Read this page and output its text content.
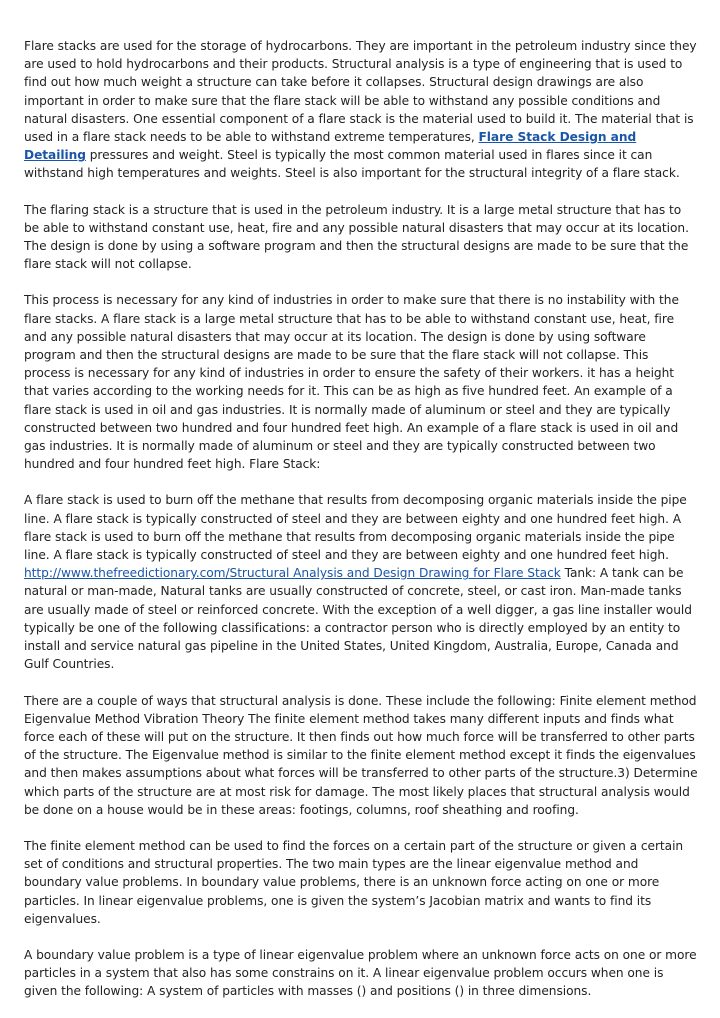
Flare stacks are used for the storage of hydrocarbons. They are important in the petroleum industry since they are used to hold hydrocarbons and their products. Structural analysis is a type of engineering that is used to find out how much weight a structure can take before it collapses. Structural design drawings are also important in order to make sure that the flare stack will be able to withstand any possible conditions and natural disasters. One essential component of a flare stack is the material used to build it. The material that is used in a flare stack needs to be able to withstand extreme temperatures, Flare Stack Design and Detailing pressures and weight. Steel is typically the most common material used in flares since it can withstand high temperatures and weights. Steel is also important for the structural integrity of a flare stack.

The flaring stack is a structure that is used in the petroleum industry. It is a large metal structure that has to be able to withstand constant use, heat, fire and any possible natural disasters that may occur at its location. The design is done by using a software program and then the structural designs are made to be sure that the flare stack will not collapse.

This process is necessary for any kind of industries in order to make sure that there is no instability with the flare stacks. A flare stack is a large metal structure that has to be able to withstand constant use, heat, fire and any possible natural disasters that may occur at its location. The design is done by using software program and then the structural designs are made to be sure that the flare stack will not collapse. This process is necessary for any kind of industries in order to ensure the safety of their workers. it has a height that varies according to the working needs for it. This can be as high as five hundred feet. An example of a flare stack is used in oil and gas industries. It is normally made of aluminum or steel and they are typically constructed between two hundred and four hundred feet high. An example of a flare stack is used in oil and gas industries. It is normally made of aluminum or steel and they are typically constructed between two hundred and four hundred feet high. Flare Stack:

A flare stack is used to burn off the methane that results from decomposing organic materials inside the pipe line. A flare stack is typically constructed of steel and they are between eighty and one hundred feet high. A flare stack is used to burn off the methane that results from decomposing organic materials inside the pipe line. A flare stack is typically constructed of steel and they are between eighty and one hundred feet high. http://www.thefreedictionary.com/Structural Analysis and Design Drawing for Flare Stack Tank: A tank can be natural or man-made, Natural tanks are usually constructed of concrete, steel, or cast iron. Man-made tanks are usually made of steel or reinforced concrete. With the exception of a well digger, a gas line installer would typically be one of the following classifications: a contractor person who is directly employed by an entity to install and service natural gas pipeline in the United States, United Kingdom, Australia, Europe, Canada and Gulf Countries.

There are a couple of ways that structural analysis is done. These include the following: Finite element method Eigenvalue Method Vibration Theory The finite element method takes many different inputs and finds what force each of these will put on the structure. It then finds out how much force will be transferred to other parts of the structure. The Eigenvalue method is similar to the finite element method except it finds the eigenvalues and then makes assumptions about what forces will be transferred to other parts of the structure.3) Determine which parts of the structure are at most risk for damage. The most likely places that structural analysis would be done on a house would be in these areas: footings, columns, roof sheathing and roofing.

The finite element method can be used to find the forces on a certain part of the structure or given a certain set of conditions and structural properties. The two main types are the linear eigenvalue method and boundary value problems. In boundary value problems, there is an unknown force acting on one or more particles. In linear eigenvalue problems, one is given the system’s Jacobian matrix and wants to find its eigenvalues.

A boundary value problem is a type of linear eigenvalue problem where an unknown force acts on one or more particles in a system that also has some constrains on it. A linear eigenvalue problem occurs when one is given the following: A system of particles with masses () and positions () in three dimensions.
